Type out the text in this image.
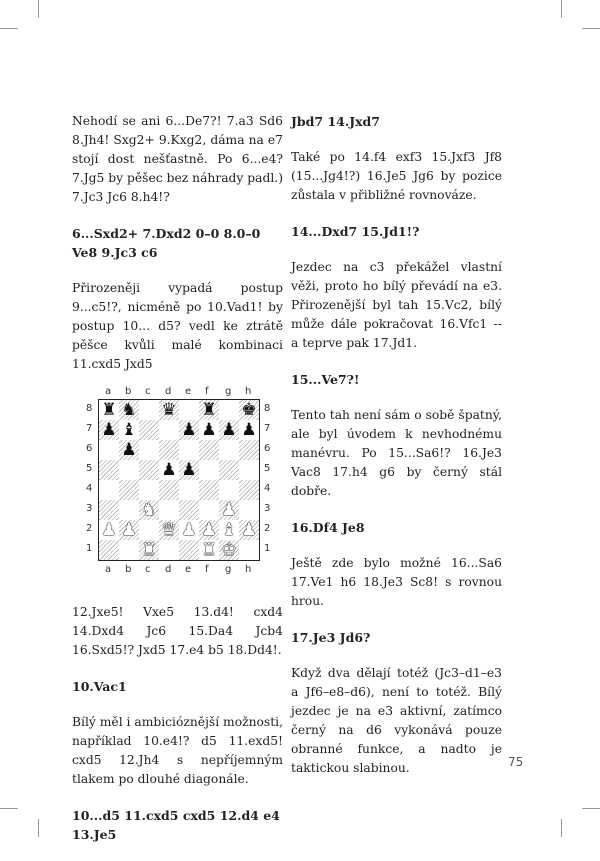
Nehodí se ani 6...De7?! 7.a3 Sd6 8.Jh4! Sxg2+ 9.Kxg2, dáma na e7 stojí dost nešťastně. Po 6...e4? 7.Jg5 by pěšec bez náhrady padl.) 7.Jc3 Jc6 8.h4!?

6...Sxd2+ 7.Dxd2 0–0 8.0–0 Ve8 9.Jc3 c6

Přirozeněji vypadá postup 9...c5!?, nicméně po 10.Vad1! by postup 10... d5? vedl ke ztrátě pěšce kvůli malé kombinaci 11.cxd5 Jxd5

♜ ♞ ♛ ♜ ♚
♟ ♝	♟ ♟ ♟ ♟
♟
♟ ♟
♞	♟
♟ ♟ ♛ ♟ ♟ ♝ ♟
♜	♜ ♚
a
a
b
b
c
c
d
d
e
e
f
f
g
g
h
h
8	8
7	7
6	6
5	5
4	4
3	3
2	2
1	1

12.Jxe5! Vxe5 13.d4! cxd4 14.Dxd4 Jc6 15.Da4 Jcb4 16.Sxd5!? Jxd5 17.e4 b5 18.Dd4!.

10.Vac1

Bílý měl i ambicióznější možnosti, například 10.e4!? d5 11.exd5! cxd5 12.Jh4 s nepříjemným tlakem po dlouhé diagonále.

10...d5 11.cxd5 cxd5 12.d4 e4 13.Je5
Jbd7 14.Jxd7

Také po 14.f4 exf3 15.Jxf3 Jf8 (15...Jg4!?) 16.Je5 Jg6 by pozice zůstala v přibližné rovnováze.

14...Dxd7 15.Jd1!?

Jezdec na c3 překážel vlastní věži, proto ho bílý převádí na e3. Přirozenější byl tah 15.Vc2, bílý může dále pokračovat 16.Vfc1 -- a teprve pak 17.Jd1.

15...Ve7?!

Tento tah není sám o sobě špatný, ale byl úvodem k nevhodnému manévru. Po 15...Sa6!? 16.Je3 Vac8 17.h4 g6 by černý stál dobře.

16.Df4 Je8

Ještě zde bylo možné 16...Sa6 17.Ve1 h6 18.Je3 Sc8! s rovnou hrou.

17.Je3 Jd6?

Když dva dělají totéž (Jc3–d1–e3 a Jf6–e8–d6), není to totéž. Bílý jezdec je na e3 aktivní, zatímco černý na d6 vykonává pouze obranné funkce, a nadto je taktickou slabinou.	75
